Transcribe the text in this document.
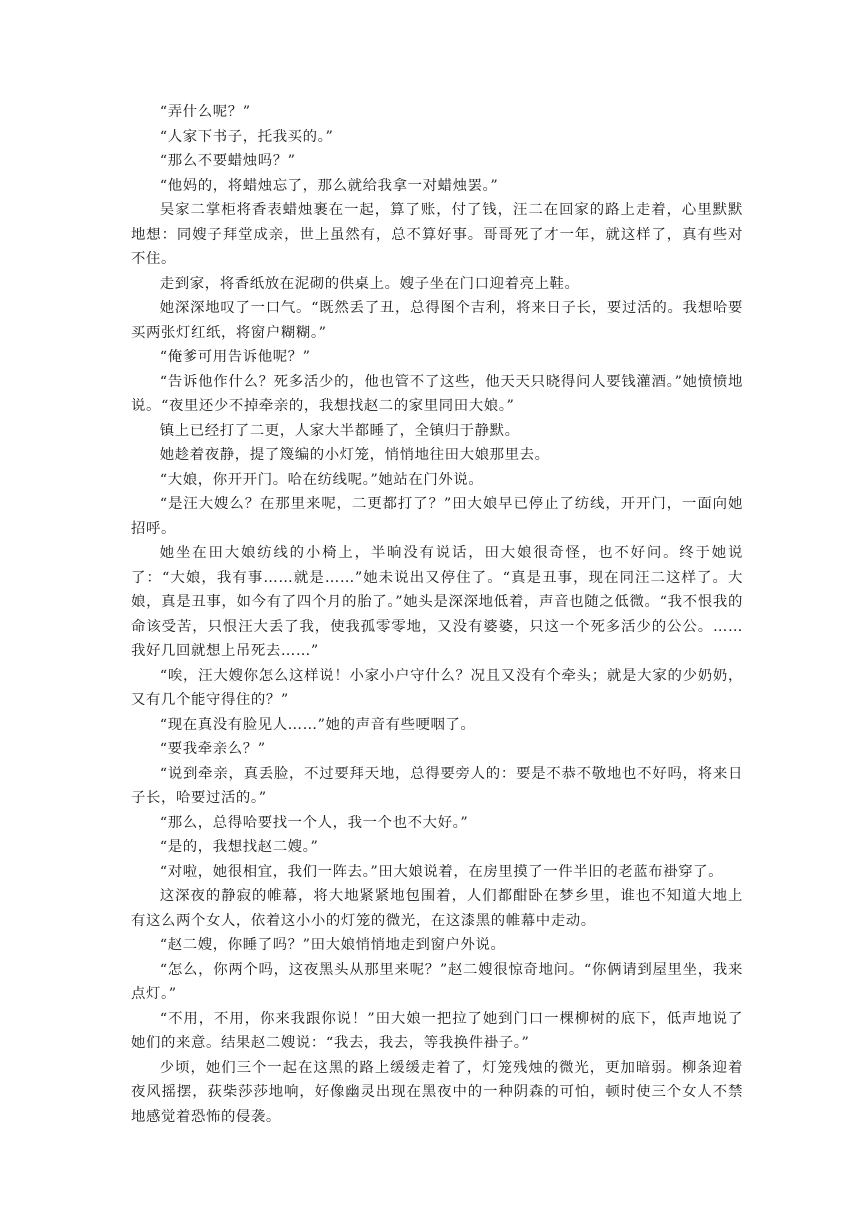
“弄什么呢？”

“人家下书子，托我买的。”

“那么不要蜡烛吗？”

“他妈的，将蜡烛忘了，那么就给我拿一对蜡烛罢。”

吴家二掌柜将香表蜡烛裹在一起，算了账，付了钱，汪二在回家的路上走着，心里默默地想：同嫂子拜堂成亲，世上虽然有，总不算好事。哥哥死了才一年，就这样了，真有些对不住。

走到家，将香纸放在泥砌的供桌上。嫂子坐在门口迎着亮上鞋。

她深深地叹了一口气。“既然丢了丑，总得图个吉利，将来日子长，要过活的。我想哈要买两张灯红纸，将窗户糊糊。”

“俺爹可用告诉他呢？”

“告诉他作什么？死多活少的，他也管不了这些，他天天只晓得问人要钱灌酒。”她愤愤地说。“夜里还少不掉牵亲的，我想找赵二的家里同田大娘。”

镇上已经打了二更，人家大半都睡了，全镇归于静默。

她趁着夜静，提了篾编的小灯笼，悄悄地往田大娘那里去。

“大娘，你开开门。哈在纺线呢。”她站在门外说。

“是汪大嫂么？在那里来呢，二更都打了？”田大娘早已停止了纺线，开开门，一面向她招呼。

她坐在田大娘纺线的小椅上，半晌没有说话，田大娘很奇怪，也不好问。终于她说了：“大娘，我有事……就是……”她未说出又停住了。“真是丑事，现在同汪二这样了。大娘，真是丑事，如今有了四个月的胎了。”她头是深深地低着，声音也随之低微。“我不恨我的命该受苦，只恨汪大丢了我，使我孤零零地，又没有婆婆，只这一个死多活少的公公。……我好几回就想上吊死去……”

“唉，汪大嫂你怎么这样说！小家小户守什么？况且又没有个牵头；就是大家的少奶奶，又有几个能守得住的？”

“现在真没有脸见人……”她的声音有些哽咽了。

“要我牵亲么？”

“说到牵亲，真丢脸，不过要拜天地，总得要旁人的：要是不恭不敬地也不好吗，将来日子长，哈要过活的。”

“那么，总得哈要找一个人，我一个也不大好。”

“是的，我想找赵二嫂。”

“对啦，她很相宜，我们一阵去。”田大娘说着，在房里摸了一件半旧的老蓝布褂穿了。

这深夜的静寂的帷幕，将大地紧紧地包围着，人们都酣卧在梦乡里，谁也不知道大地上有这么两个女人，依着这小小的灯笼的微光，在这漆黑的帷幕中走动。

“赵二嫂，你睡了吗？”田大娘悄悄地走到窗户外说。

“怎么，你两个吗，这夜黑头从那里来呢？”赵二嫂很惊奇地问。“你俩请到屋里坐，我来点灯。”

“不用，不用，你来我跟你说！”田大娘一把拉了她到门口一棵柳树的底下，低声地说了她们的来意。结果赵二嫂说：“我去，我去，等我换件褂子。”

少顷，她们三个一起在这黑的路上缓缓走着了，灯笼残烛的微光，更加暗弱。柳条迎着夜风摇摆，荻柴莎莎地响，好像幽灵出现在黑夜中的一种阴森的可怕，顿时使三个女人不禁地感觉着恐怖的侵袭。
